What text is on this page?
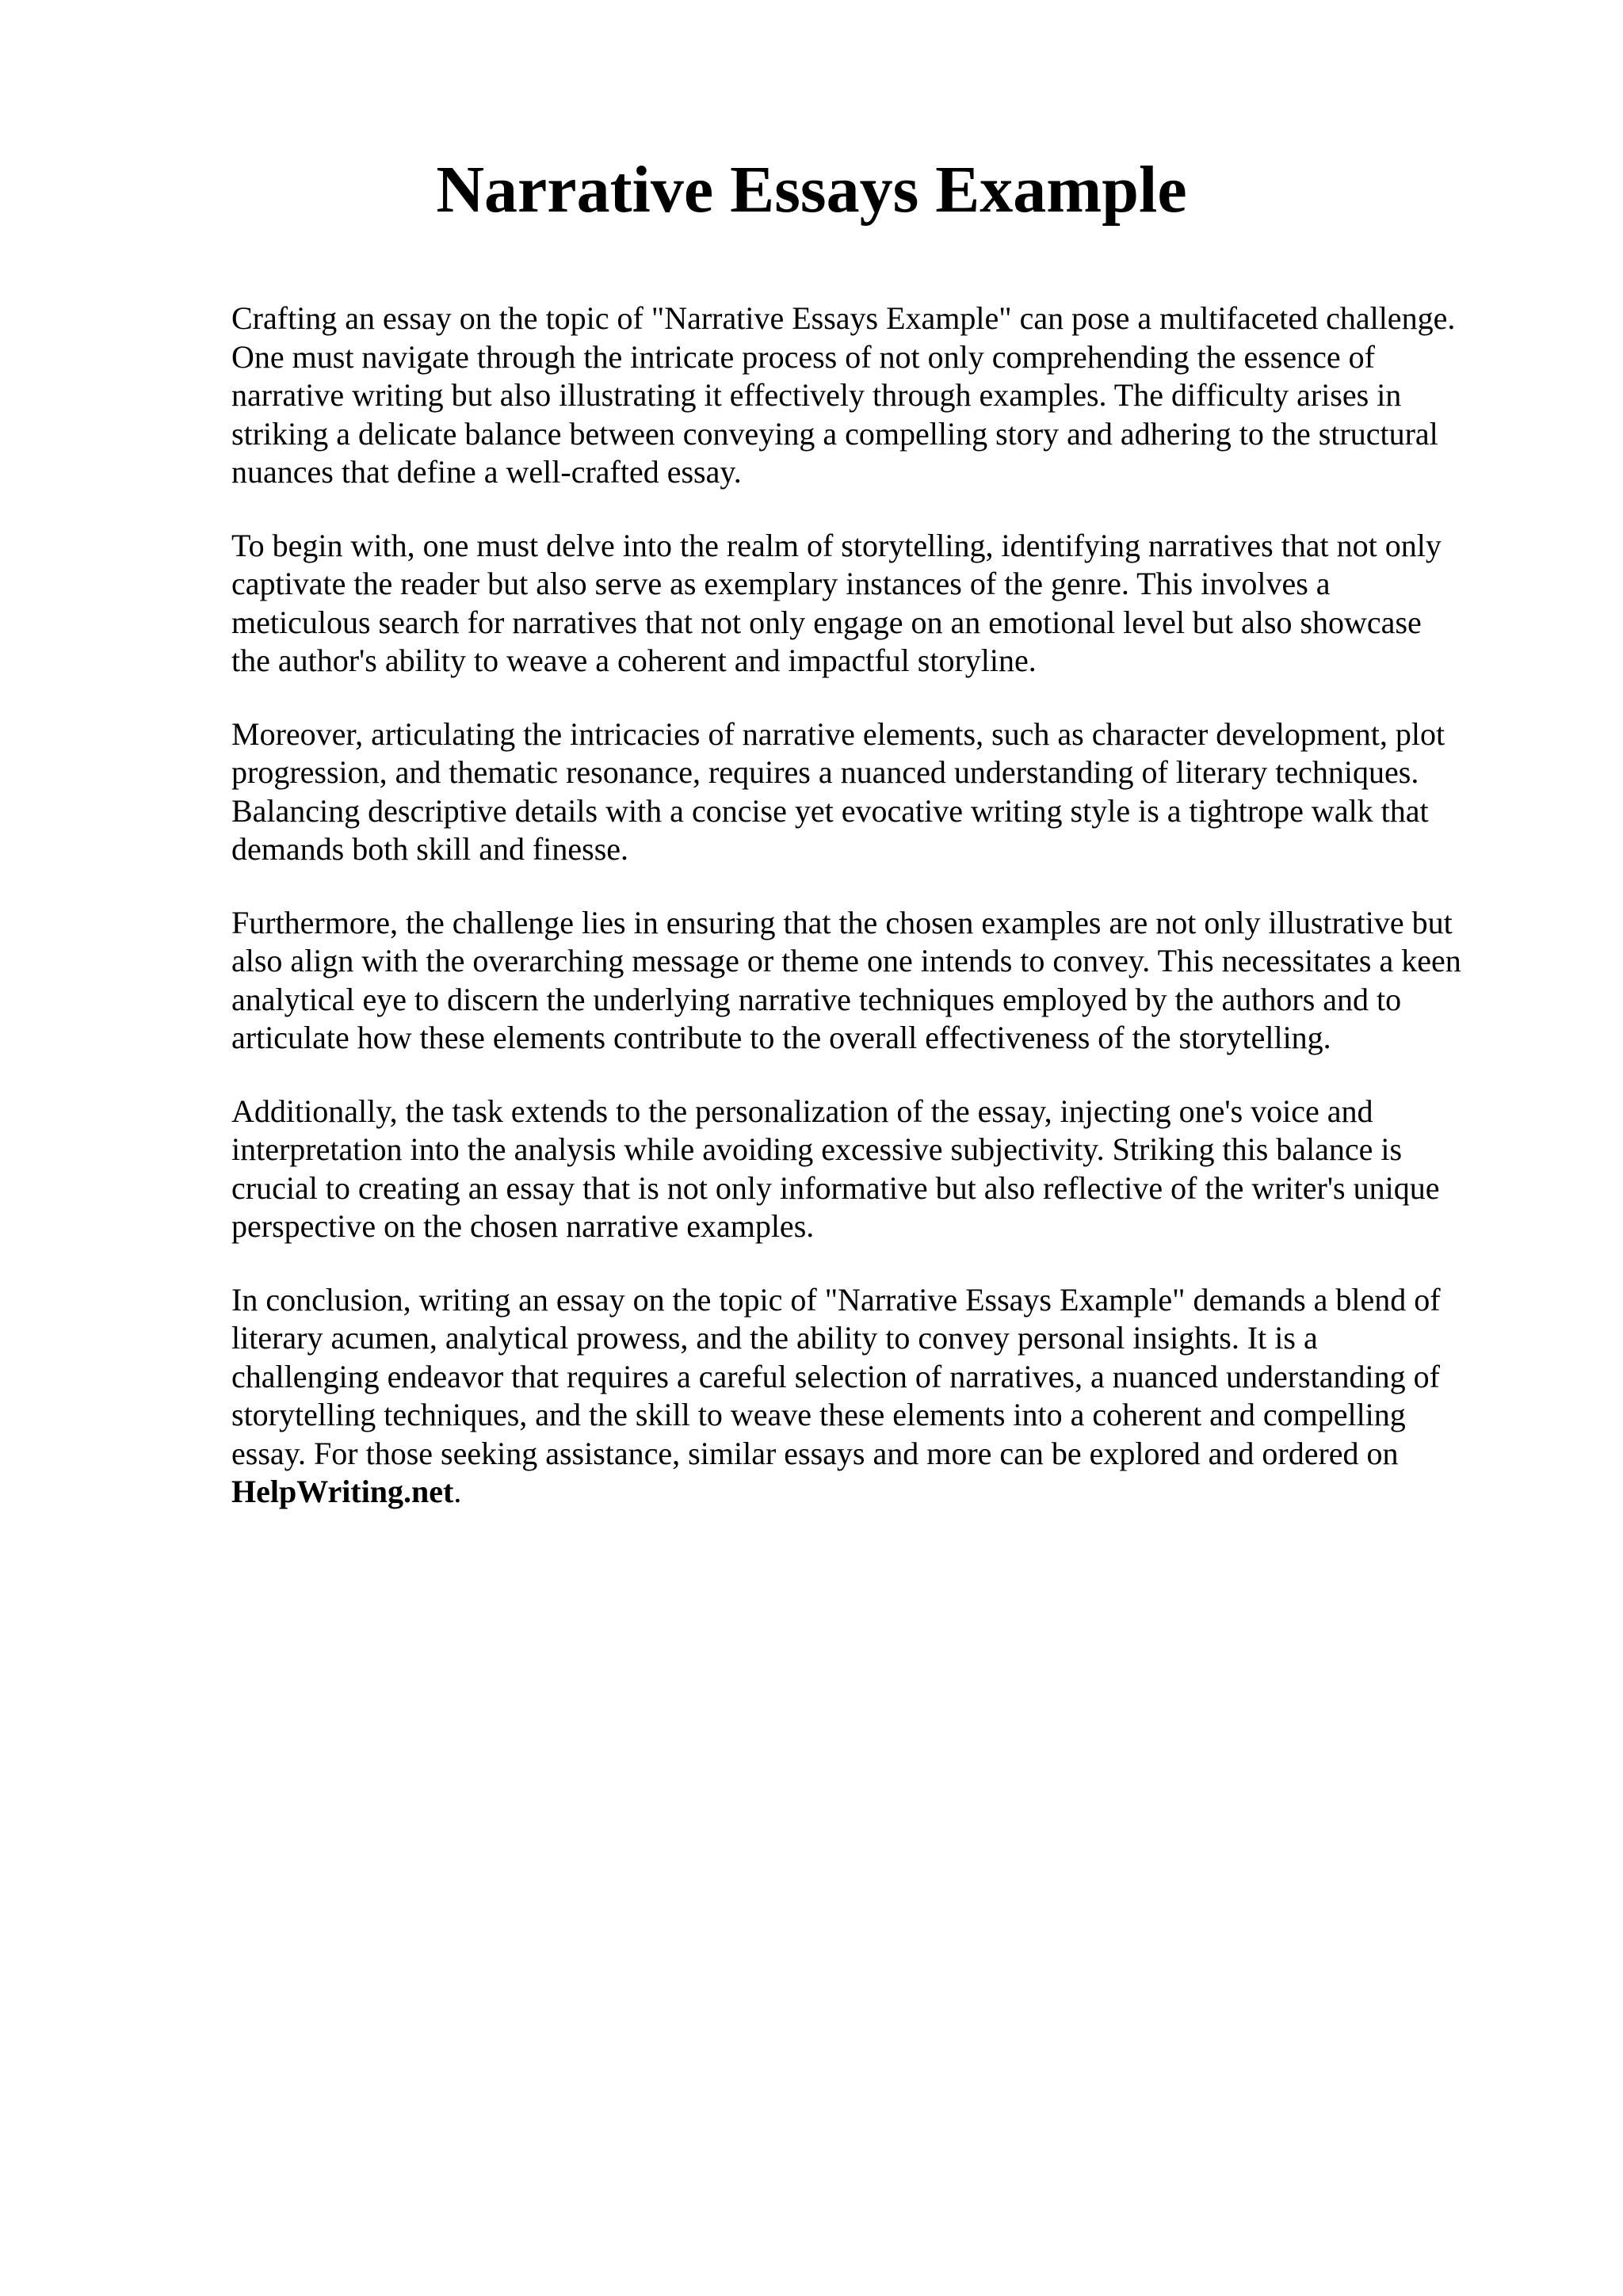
Narrative Essays Example

Crafting an essay on the topic of "Narrative Essays Example" can pose a multifaceted challenge.
One must navigate through the intricate process of not only comprehending the essence of
narrative writing but also illustrating it effectively through examples. The difficulty arises in
striking a delicate balance between conveying a compelling story and adhering to the structural
nuances that define a well-crafted essay.

To begin with, one must delve into the realm of storytelling, identifying narratives that not only
captivate the reader but also serve as exemplary instances of the genre. This involves a
meticulous search for narratives that not only engage on an emotional level but also showcase
the author's ability to weave a coherent and impactful storyline.

Moreover, articulating the intricacies of narrative elements, such as character development, plot
progression, and thematic resonance, requires a nuanced understanding of literary techniques.
Balancing descriptive details with a concise yet evocative writing style is a tightrope walk that
demands both skill and finesse.

Furthermore, the challenge lies in ensuring that the chosen examples are not only illustrative but
also align with the overarching message or theme one intends to convey. This necessitates a keen
analytical eye to discern the underlying narrative techniques employed by the authors and to
articulate how these elements contribute to the overall effectiveness of the storytelling.

Additionally, the task extends to the personalization of the essay, injecting one's voice and
interpretation into the analysis while avoiding excessive subjectivity. Striking this balance is
crucial to creating an essay that is not only informative but also reflective of the writer's unique
perspective on the chosen narrative examples.

In conclusion, writing an essay on the topic of "Narrative Essays Example" demands a blend of
literary acumen, analytical prowess, and the ability to convey personal insights. It is a
challenging endeavor that requires a careful selection of narratives, a nuanced understanding of
storytelling techniques, and the skill to weave these elements into a coherent and compelling
essay. For those seeking assistance, similar essays and more can be explored and ordered on
HelpWriting.net.
